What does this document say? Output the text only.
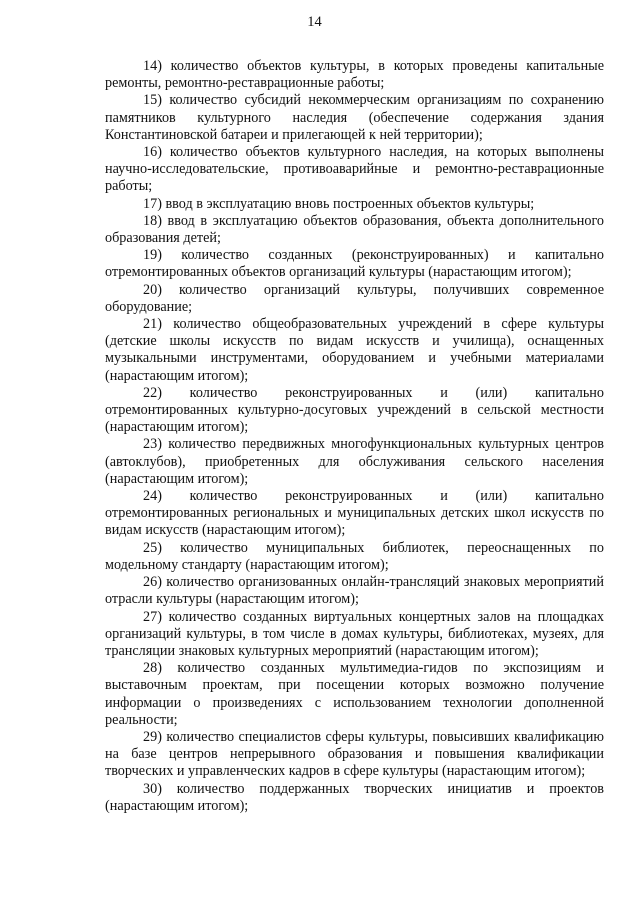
14

14) количество объектов культуры, в которых проведены капитальные ремонты, ремонтно-реставрационные работы;

15) количество субсидий некоммерческим организациям по сохранению памятников культурного наследия (обеспечение содержания здания Константиновской батареи и прилегающей к ней территории);

16) количество объектов культурного наследия, на которых выполнены научно-исследовательские, противоаварийные и ремонтно-реставрационные работы;

17) ввод в эксплуатацию вновь построенных объектов культуры;

18) ввод в эксплуатацию объектов образования, объекта дополнительного образования детей;

19) количество созданных (реконструированных) и капитально отремонтированных объектов организаций культуры (нарастающим итогом);

20) количество организаций культуры, получивших современное оборудование;

21) количество общеобразовательных учреждений в сфере культуры (детские школы искусств по видам искусств и училища), оснащенных музыкальными инструментами, оборудованием и учебными материалами (нарастающим итогом);

22) количество реконструированных и (или) капитально отремонтированных культурно-досуговых учреждений в сельской местности (нарастающим итогом);

23) количество передвижных многофункциональных культурных центров (автоклубов), приобретенных для обслуживания сельского населения (нарастающим итогом);

24) количество реконструированных и (или) капитально отремонтированных региональных и муниципальных детских школ искусств по видам искусств (нарастающим итогом);

25) количество муниципальных библиотек, переоснащенных по модельному стандарту (нарастающим итогом);

26) количество организованных онлайн-трансляций знаковых мероприятий отрасли культуры (нарастающим итогом);

27) количество созданных виртуальных концертных залов на площадках организаций культуры, в том числе в домах культуры, библиотеках, музеях, для трансляции знаковых культурных мероприятий (нарастающим итогом);

28) количество созданных мультимедиа-гидов по экспозициям и выставочным проектам, при посещении которых возможно получение информации о произведениях с использованием технологии дополненной реальности;

29) количество специалистов сферы культуры, повысивших квалификацию на базе центров непрерывного образования и повышения квалификации творческих и управленческих кадров в сфере культуры (нарастающим итогом);

30) количество поддержанных творческих инициатив и проектов (нарастающим итогом);
